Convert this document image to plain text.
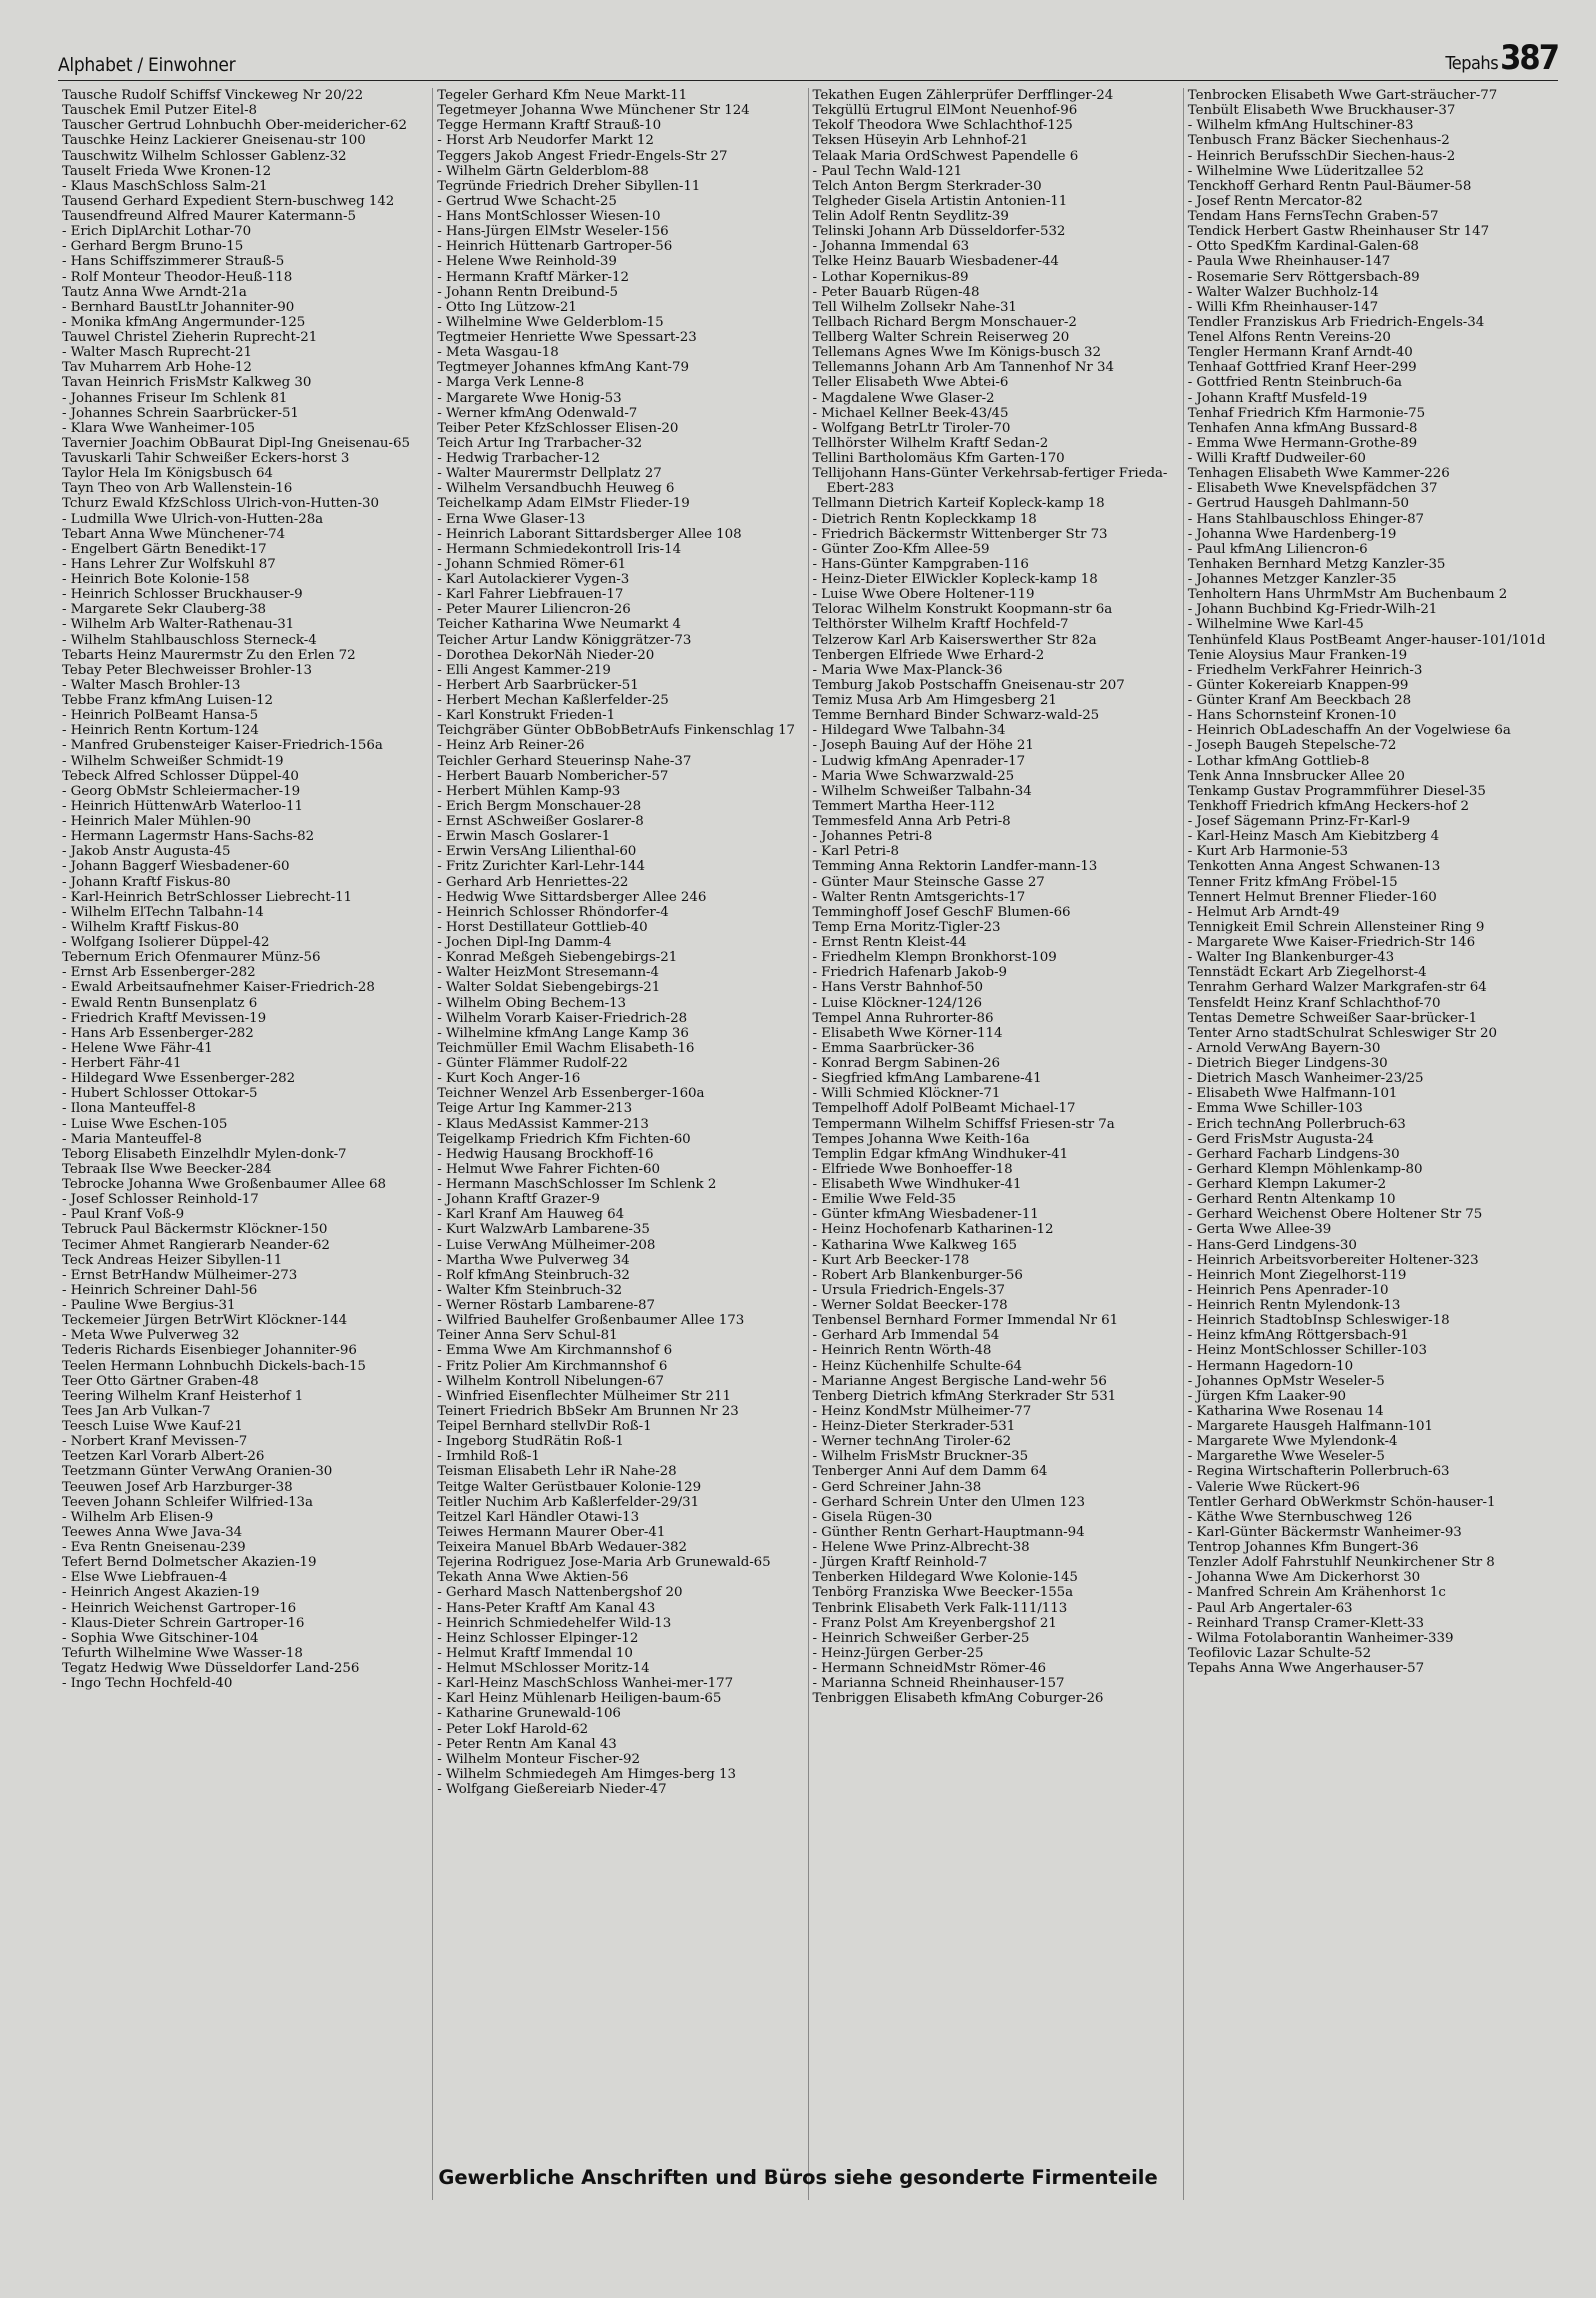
Alphabet / Einwohner	Tepahs387
Tausche Rudolf Schiffsf Vinckeweg Nr 20/22
Tauschek Emil Putzer Eitel-8
Tauscher Gertrud Lohnbuchh Ober-meidericher-62
Tauschke Heinz Lackierer Gneisenau-str 100
Tauschwitz Wilhelm Schlosser Gablenz-32
Tauselt Frieda Wwe Kronen-12
- Klaus MaschSchloss Salm-21
Tausend Gerhard Expedient Stern-buschweg 142
Tausendfreund Alfred Maurer Katermann-5
- Erich DiplArchit Lothar-70
- Gerhard Bergm Bruno-15
- Hans Schiffszimmerer Strauß-5
- Rolf Monteur Theodor-Heuß-118
Tautz Anna Wwe Arndt-21a
- Bernhard BaustLtr Johanniter-90
- Monika kfmAng Angermunder-125
Tauwel Christel Zieherin Ruprecht-21
- Walter Masch Ruprecht-21
Tav Muharrem Arb Hohe-12
Tavan Heinrich FrisMstr Kalkweg 30
- Johannes Friseur Im Schlenk 81
- Johannes Schrein Saarbrücker-51
- Klara Wwe Wanheimer-105
Tavernier Joachim ObBaurat Dipl-Ing Gneisenau-65
Tavuskarli Tahir Schweißer Eckers-horst 3
Taylor Hela Im Königsbusch 64
Tayn Theo von Arb Wallenstein-16
Tchurz Ewald KfzSchloss Ulrich-von-Hutten-30
- Ludmilla Wwe Ulrich-von-Hutten-28a
Tebart Anna Wwe Münchener-74
- Engelbert Gärtn Benedikt-17
- Hans Lehrer Zur Wolfskuhl 87
- Heinrich Bote Kolonie-158
- Heinrich Schlosser Bruckhauser-9
- Margarete Sekr Clauberg-38
- Wilhelm Arb Walter-Rathenau-31
- Wilhelm Stahlbauschloss Sterneck-4
Tebarts Heinz Maurermstr Zu den Erlen 72
Tebay Peter Blechweisser Brohler-13
- Walter Masch Brohler-13
Tebbe Franz kfmAng Luisen-12
- Heinrich PolBeamt Hansa-5
- Heinrich Rentn Kortum-124
- Manfred Grubensteiger Kaiser-Friedrich-156a
- Wilhelm Schweißer Schmidt-19
Tebeck Alfred Schlosser Düppel-40
- Georg ObMstr Schleiermacher-19
- Heinrich HüttenwArb Waterloo-11
- Heinrich Maler Mühlen-90
- Hermann Lagermstr Hans-Sachs-82
- Jakob Anstr Augusta-45
- Johann Baggerf Wiesbadener-60
- Johann Kraftf Fiskus-80
- Karl-Heinrich BetrSchlosser Liebrecht-11
- Wilhelm ElTechn Talbahn-14
- Wilhelm Kraftf Fiskus-80
- Wolfgang Isolierer Düppel-42
Tebernum Erich Ofenmaurer Münz-56
- Ernst Arb Essenberger-282
- Ewald Arbeitsaufnehmer Kaiser-Friedrich-28
- Ewald Rentn Bunsenplatz 6
- Friedrich Kraftf Mevissen-19
- Hans Arb Essenberger-282
- Helene Wwe Fähr-41
- Herbert Fähr-41
- Hildegard Wwe Essenberger-282
- Hubert Schlosser Ottokar-5
- Ilona Manteuffel-8
- Luise Wwe Eschen-105
- Maria Manteuffel-8
Teborg Elisabeth Einzelhdlr Mylen-donk-7
Tebraak Ilse Wwe Beecker-284
Tebrocke Johanna Wwe Großenbaumer Allee 68
- Josef Schlosser Reinhold-17
- Paul Kranf Voß-9
Tebruck Paul Bäckermstr Klöckner-150
Tecimer Ahmet Rangierarb Neander-62
Teck Andreas Heizer Sibyllen-11
- Ernst BetrHandw Mülheimer-273
- Heinrich Schreiner Dahl-56
- Pauline Wwe Bergius-31
Teckemeier Jürgen BetrWirt Klöckner-144
- Meta Wwe Pulverweg 32
Tederis Richards Eisenbieger Johanniter-96
Teelen Hermann Lohnbuchh Dickels-bach-15
Teer Otto Gärtner Graben-48
Teering Wilhelm Kranf Heisterhof 1
Tees Jan Arb Vulkan-7
Teesch Luise Wwe Kauf-21
- Norbert Kranf Mevissen-7
Teetzen Karl Vorarb Albert-26
Teetzmann Günter VerwAng Oranien-30
Teeuwen Josef Arb Harzburger-38
Teeven Johann Schleifer Wilfried-13a
- Wilhelm Arb Elisen-9
Teewes Anna Wwe Java-34
- Eva Rentn Gneisenau-239
Tefert Bernd Dolmetscher Akazien-19
- Else Wwe Liebfrauen-4
- Heinrich Angest Akazien-19
- Heinrich Weichenst Gartroper-16
- Klaus-Dieter Schrein Gartroper-16
- Sophia Wwe Gitschiner-104
Tefurth Wilhelmine Wwe Wasser-18
Tegatz Hedwig Wwe Düsseldorfer Land-256
- Ingo Techn Hochfeld-40
Tegeler Gerhard Kfm Neue Markt-11
Tegetmeyer Johanna Wwe Münchener Str 124
Tegge Hermann Kraftf Strauß-10
- Horst Arb Neudorfer Markt 12
Teggers Jakob Angest Friedr-Engels-Str 27
- Wilhelm Gärtn Gelderblom-88
Tegründe Friedrich Dreher Sibyllen-11
- Gertrud Wwe Schacht-25
- Hans MontSchlosser Wiesen-10
- Hans-Jürgen ElMstr Weseler-156
- Heinrich Hüttenarb Gartroper-56
- Helene Wwe Reinhold-39
- Hermann Kraftf Märker-12
- Johann Rentn Dreibund-5
- Otto Ing Lützow-21
- Wilhelmine Wwe Gelderblom-15
Tegtmeier Henriette Wwe Spessart-23
- Meta Wasgau-18
Tegtmeyer Johannes kfmAng Kant-79
- Marga Verk Lenne-8
- Margarete Wwe Honig-53
- Werner kfmAng Odenwald-7
Teiber Peter KfzSchlosser Elisen-20
Teich Artur Ing Trarbacher-32
- Hedwig Trarbacher-12
- Walter Maurermstr Dellplatz 27
- Wilhelm Versandbuchh Heuweg 6
Teichelkamp Adam ElMstr Flieder-19
- Erna Wwe Glaser-13
- Heinrich Laborant Sittardsberger Allee 108
- Hermann Schmiedekontroll Iris-14
- Johann Schmied Römer-61
- Karl Autolackierer Vygen-3
- Karl Fahrer Liebfrauen-17
- Peter Maurer Liliencron-26
Teicher Katharina Wwe Neumarkt 4
Teicher Artur Landw Königgrätzer-73
- Dorothea DekorNäh Nieder-20
- Elli Angest Kammer-219
- Herbert Arb Saarbrücker-51
- Herbert Mechan Kaßlerfelder-25
- Karl Konstrukt Frieden-1
Teichgräber Günter ObBobBetrAufs Finkenschlag 17
- Heinz Arb Reiner-26
Teichler Gerhard Steuerinsp Nahe-37
- Herbert Bauarb Nombericher-57
- Herbert Mühlen Kamp-93
- Erich Bergm Monschauer-28
- Ernst ASchweißer Goslarer-8
- Erwin Masch Goslarer-1
- Erwin VersAng Lilienthal-60
- Fritz Zurichter Karl-Lehr-144
- Gerhard Arb Henriettes-22
- Hedwig Wwe Sittardsberger Allee 246
- Heinrich Schlosser Rhöndorfer-4
- Horst Destillateur Gottlieb-40
- Jochen Dipl-Ing Damm-4
- Konrad Meßgeh Siebengebirgs-21
- Walter HeizMont Stresemann-4
- Walter Soldat Siebengebirgs-21
- Wilhelm Obing Bechem-13
- Wilhelm Vorarb Kaiser-Friedrich-28
- Wilhelmine kfmAng Lange Kamp 36
Teichmüller Emil Wachm Elisabeth-16
- Günter Flämmer Rudolf-22
- Kurt Koch Anger-16
Teichner Wenzel Arb Essenberger-160a
Teige Artur Ing Kammer-213
- Klaus MedAssist Kammer-213
Teigelkamp Friedrich Kfm Fichten-60
- Hedwig Hausang Brockhoff-16
- Helmut Wwe Fahrer Fichten-60
- Hermann MaschSchlosser Im Schlenk 2
- Johann Kraftf Grazer-9
- Karl Kranf Am Hauweg 64
- Kurt WalzwArb Lambarene-35
- Luise VerwAng Mülheimer-208
- Martha Wwe Pulverweg 34
- Rolf kfmAng Steinbruch-32
- Walter Kfm Steinbruch-32
- Werner Röstarb Lambarene-87
- Wilfried Bauhelfer Großenbaumer Allee 173
Teiner Anna Serv Schul-81
- Emma Wwe Am Kirchmannshof 6
- Fritz Polier Am Kirchmannshof 6
- Wilhelm Kontroll Nibelungen-67
- Winfried Eisenflechter Mülheimer Str 211
Teinert Friedrich BbSekr Am Brunnen Nr 23
Teipel Bernhard stellvDir Roß-1
- Ingeborg StudRätin Roß-1
- Irmhild Roß-1
Teisman Elisabeth Lehr iR Nahe-28
Teitge Walter Gerüstbauer Kolonie-129
Teitler Nuchim Arb Kaßlerfelder-29/31
Teitzel Karl Händler Otawi-13
Teiwes Hermann Maurer Ober-41
Teixeira Manuel BbArb Wedauer-382
Tejerina Rodriguez Jose-Maria Arb Grunewald-65
Tekath Anna Wwe Aktien-56
- Gerhard Masch Nattenbergshof 20
- Hans-Peter Kraftf Am Kanal 43
- Heinrich Schmiedehelfer Wild-13
- Heinz Schlosser Elpinger-12
- Helmut Kraftf Immendal 10
- Helmut MSchlosser Moritz-14
- Karl-Heinz MaschSchloss Wanhei-mer-177
- Karl Heinz Mühlenarb Heiligen-baum-65
- Katharine Grunewald-106
- Peter Lokf Harold-62
- Peter Rentn Am Kanal 43
- Wilhelm Monteur Fischer-92
- Wilhelm Schmiedegeh Am Himges-berg 13
- Wolfgang Gießereiarb Nieder-47
Tekathen Eugen Zählerprüfer Derfflinger-24
Tekgüllü Ertugrul ElMont Neuenhof-96
Tekolf Theodora Wwe Schlachthof-125
Teksen Hüseyin Arb Lehnhof-21
Telaak Maria OrdSchwest Papendelle 6
- Paul Techn Wald-121
Telch Anton Bergm Sterkrader-30
Telgheder Gisela Artistin Antonien-11
Telin Adolf Rentn Seydlitz-39
Telinski Johann Arb Düsseldorfer-532
- Johanna Immendal 63
Telke Heinz Bauarb Wiesbadener-44
- Lothar Kopernikus-89
- Peter Bauarb Rügen-48
Tell Wilhelm Zollsekr Nahe-31
Tellbach Richard Bergm Monschauer-2
Tellberg Walter Schrein Reiserweg 20
Tellemans Agnes Wwe Im Königs-busch 32
Tellemanns Johann Arb Am Tannenhof Nr 34
Teller Elisabeth Wwe Abtei-6
- Magdalene Wwe Glaser-2
- Michael Kellner Beek-43/45
- Wolfgang BetrLtr Tiroler-70
Tellhörster Wilhelm Kraftf Sedan-2
Tellini Bartholomäus Kfm Garten-170
Tellijohann Hans-Günter Verkehrsab-fertiger Frieda-Ebert-283
Tellmann Dietrich Karteif Kopleck-kamp 18
- Dietrich Rentn Kopleckkamp 18
- Friedrich Bäckermstr Wittenberger Str 73
- Günter Zoo-Kfm Allee-59
- Hans-Günter Kampgraben-116
- Heinz-Dieter ElWickler Kopleck-kamp 18
- Luise Wwe Obere Holtener-119
Telorac Wilhelm Konstrukt Koopmann-str 6a
Telthörster Wilhelm Kraftf Hochfeld-7
Telzerow Karl Arb Kaiserswerther Str 82a
Tenbergen Elfriede Wwe Erhard-2
- Maria Wwe Max-Planck-36
Temburg Jakob Postschaffn Gneisenau-str 207
Temiz Musa Arb Am Himgesberg 21
Temme Bernhard Binder Schwarz-wald-25
- Hildegard Wwe Talbahn-34
- Joseph Bauing Auf der Höhe 21
- Ludwig kfmAng Apenrader-17
- Maria Wwe Schwarzwald-25
- Wilhelm Schweißer Talbahn-34
Temmert Martha Heer-112
Temmesfeld Anna Arb Petri-8
- Johannes Petri-8
- Karl Petri-8
Temming Anna Rektorin Landfer-mann-13
- Günter Maur Steinsche Gasse 27
- Walter Rentn Amtsgerichts-17
Temminghoff Josef GeschF Blumen-66
Temp Erna Moritz-Tigler-23
- Ernst Rentn Kleist-44
- Friedhelm Klempn Bronkhorst-109
- Friedrich Hafenarb Jakob-9
- Hans Verstr Bahnhof-50
- Luise Klöckner-124/126
Tempel Anna Ruhrorter-86
- Elisabeth Wwe Körner-114
- Emma Saarbrücker-36
- Konrad Bergm Sabinen-26
- Siegfried kfmAng Lambarene-41
- Willi Schmied Klöckner-71
Tempelhoff Adolf PolBeamt Michael-17
Tempermann Wilhelm Schiffsf Friesen-str 7a
Tempes Johanna Wwe Keith-16a
Templin Edgar kfmAng Windhuker-41
- Elfriede Wwe Bonhoeffer-18
- Elisabeth Wwe Windhuker-41
- Emilie Wwe Feld-35
- Günter kfmAng Wiesbadener-11
- Heinz Hochofenarb Katharinen-12
- Katharina Wwe Kalkweg 165
- Kurt Arb Beecker-178
- Robert Arb Blankenburger-56
- Ursula Friedrich-Engels-37
- Werner Soldat Beecker-178
Tenbensel Bernhard Former Immendal Nr 61
- Gerhard Arb Immendal 54
- Heinrich Rentn Wörth-48
- Heinz Küchenhilfe Schulte-64
- Marianne Angest Bergische Land-wehr 56
Tenberg Dietrich kfmAng Sterkrader Str 531
- Heinz KondMstr Mülheimer-77
- Heinz-Dieter Sterkrader-531
- Werner technAng Tiroler-62
- Wilhelm FrisMstr Bruckner-35
Tenberger Anni Auf dem Damm 64
- Gerd Schreiner Jahn-38
- Gerhard Schrein Unter den Ulmen 123
- Gisela Rügen-30
- Günther Rentn Gerhart-Hauptmann-94
- Helene Wwe Prinz-Albrecht-38
- Jürgen Kraftf Reinhold-7
Tenberken Hildegard Wwe Kolonie-145
Tenbörg Franziska Wwe Beecker-155a
Tenbrink Elisabeth Verk Falk-111/113
- Franz Polst Am Kreyenbergshof 21
- Heinrich Schweißer Gerber-25
- Heinz-Jürgen Gerber-25
- Hermann SchneidMstr Römer-46
- Marianna Schneid Rheinhauser-157
Tenbriggen Elisabeth kfmAng Coburger-26
Tenbrocken Elisabeth Wwe Gart-sträucher-77
Tenbült Elisabeth Wwe Bruckhauser-37
- Wilhelm kfmAng Hultschiner-83
Tenbusch Franz Bäcker Siechenhaus-2
- Heinrich BerufsschDir Siechen-haus-2
- Wilhelmine Wwe Lüderitzallee 52
Tenckhoff Gerhard Rentn Paul-Bäumer-58
- Josef Rentn Mercator-82
Tendam Hans FernsTechn Graben-57
Tendick Herbert Gastw Rheinhauser Str 147
- Otto SpedKfm Kardinal-Galen-68
- Paula Wwe Rheinhauser-147
- Rosemarie Serv Röttgersbach-89
- Walter Walzer Buchholz-14
- Willi Kfm Rheinhauser-147
Tendler Franziskus Arb Friedrich-Engels-34
Tenel Alfons Rentn Vereins-20
Tengler Hermann Kranf Arndt-40
Tenhaaf Gottfried Kranf Heer-299
- Gottfried Rentn Steinbruch-6a
- Johann Kraftf Musfeld-19
Tenhaf Friedrich Kfm Harmonie-75
Tenhafen Anna kfmAng Bussard-8
- Emma Wwe Hermann-Grothe-89
- Willi Kraftf Dudweiler-60
Tenhagen Elisabeth Wwe Kammer-226
- Elisabeth Wwe Knevelspfädchen 37
- Gertrud Hausgeh Dahlmann-50
- Hans Stahlbauschloss Ehinger-87
- Johanna Wwe Hardenberg-19
- Paul kfmAng Liliencron-6
Tenhaken Bernhard Metzg Kanzler-35
- Johannes Metzger Kanzler-35
Tenholtern Hans UhrmMstr Am Buchenbaum 2
- Johann Buchbind Kg-Friedr-Wilh-21
- Wilhelmine Wwe Karl-45
Tenhünfeld Klaus PostBeamt Anger-hauser-101/101d
Tenie Aloysius Maur Franken-19
- Friedhelm VerkFahrer Heinrich-3
- Günter Kokereiarb Knappen-99
- Günter Kranf Am Beeckbach 28
- Hans Schornsteinf Kronen-10
- Heinrich ObLadeschaffn An der Vogelwiese 6a
- Joseph Baugeh Stepelsche-72
- Lothar kfmAng Gottlieb-8
Tenk Anna Innsbrucker Allee 20
Tenkamp Gustav Programmführer Diesel-35
Tenkhoff Friedrich kfmAng Heckers-hof 2
- Josef Sägemann Prinz-Fr-Karl-9
- Karl-Heinz Masch Am Kiebitzberg 4
- Kurt Arb Harmonie-53
Tenkotten Anna Angest Schwanen-13
Tenner Fritz kfmAng Fröbel-15
Tennert Helmut Brenner Flieder-160
- Helmut Arb Arndt-49
Tennigkeit Emil Schrein Allensteiner Ring 9
- Margarete Wwe Kaiser-Friedrich-Str 146
- Walter Ing Blankenburger-43
Tennstädt Eckart Arb Ziegelhorst-4
Tenrahm Gerhard Walzer Markgrafen-str 64
Tensfeldt Heinz Kranf Schlachthof-70
Tentas Demetre Schweißer Saar-brücker-1
Tenter Arno stadtSchulrat Schleswiger Str 20
- Arnold VerwAng Bayern-30
- Dietrich Bieger Lindgens-30
- Dietrich Masch Wanheimer-23/25
- Elisabeth Wwe Halfmann-101
- Emma Wwe Schiller-103
- Erich technAng Pollerbruch-63
- Gerd FrisMstr Augusta-24
- Gerhard Facharb Lindgens-30
- Gerhard Klempn Möhlenkamp-80
- Gerhard Klempn Lakumer-2
- Gerhard Rentn Altenkamp 10
- Gerhard Weichenst Obere Holtener Str 75
- Gerta Wwe Allee-39
- Hans-Gerd Lindgens-30
- Heinrich Arbeitsvorbereiter Holtener-323
- Heinrich Mont Ziegelhorst-119
- Heinrich Pens Apenrader-10
- Heinrich Rentn Mylendonk-13
- Heinrich StadtobInsp Schleswiger-18
- Heinz kfmAng Röttgersbach-91
- Heinz MontSchlosser Schiller-103
- Hermann Hagedorn-10
- Johannes OpMstr Weseler-5
- Jürgen Kfm Laaker-90
- Katharina Wwe Rosenau 14
- Margarete Hausgeh Halfmann-101
- Margarete Wwe Mylendonk-4
- Margarethe Wwe Weseler-5
- Regina Wirtschafterin Pollerbruch-63
- Valerie Wwe Rückert-96
Tentler Gerhard ObWerkmstr Schön-hauser-1
- Käthe Wwe Sternbuschweg 126
- Karl-Günter Bäckermstr Wanheimer-93
Tentrop Johannes Kfm Bungert-36
Tenzler Adolf Fahrstuhlf Neunkirchener Str 8
- Johanna Wwe Am Dickerhorst 30
- Manfred Schrein Am Krähenhorst 1c
- Paul Arb Angertaler-63
- Reinhard Transp Cramer-Klett-33
- Wilma Fotolaborantin Wanheimer-339
Teofilovic Lazar Schulte-52
Tepahs Anna Wwe Angerhauser-57
Gewerbliche Anschriften und Büros siehe gesonderte Firmenteile
